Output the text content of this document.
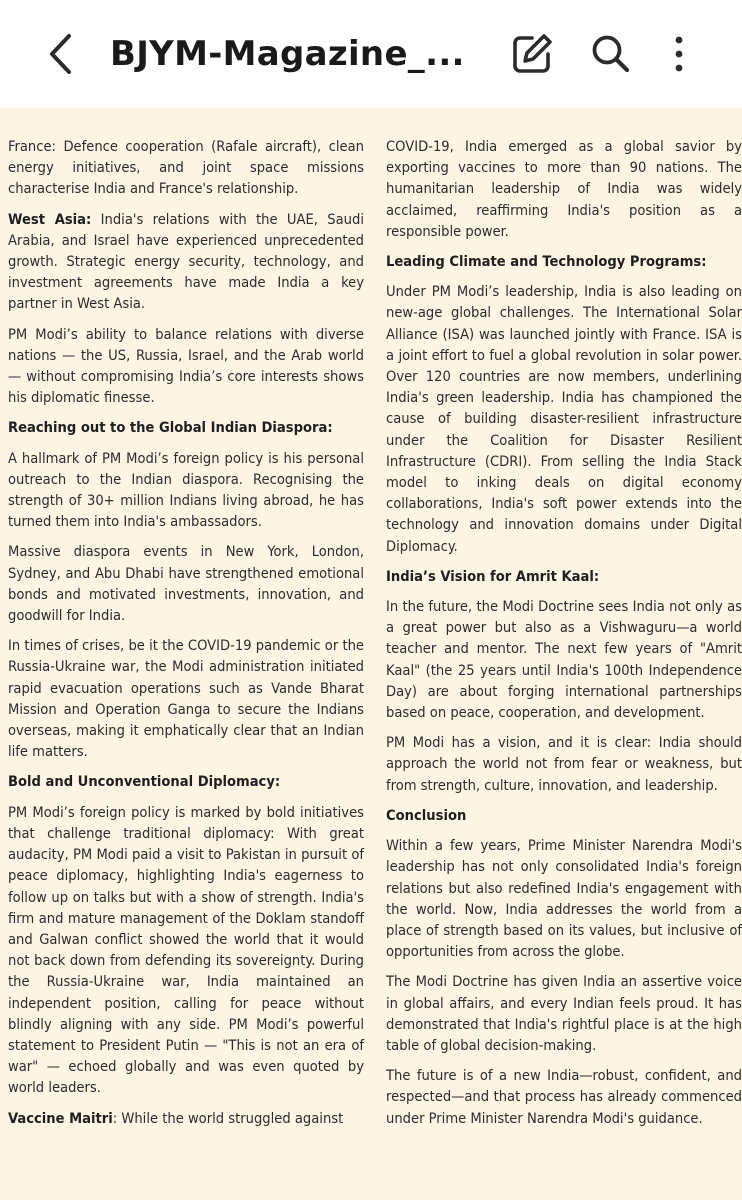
BJYM-Magazine_...

France: Defence cooperation (Rafale aircraft), clean energy initiatives, and joint space missions characterise India and France's relationship.

West Asia: India's relations with the UAE, Saudi Arabia, and Israel have experienced unprecedented growth. Strategic energy security, technology, and investment agreements have made India a key partner in West Asia.

PM Modi’s ability to balance relations with diverse nations — the US, Russia, Israel, and the Arab world — without compromising India’s core interests shows his diplomatic finesse.

Reaching out to the Global Indian Diaspora:

A hallmark of PM Modi’s foreign policy is his personal outreach to the Indian diaspora. Recognising the strength of 30+ million Indians living abroad, he has turned them into India's ambassadors.

Massive diaspora events in New York, London, Sydney, and Abu Dhabi have strengthened emotional bonds and motivated investments, innovation, and goodwill for India.

In times of crises, be it the COVID-19 pandemic or the Russia-Ukraine war, the Modi administration initiated rapid evacuation operations such as Vande Bharat Mission and Operation Ganga to secure the Indians overseas, making it emphatically clear that an Indian life matters.

Bold and Unconventional Diplomacy:

PM Modi’s foreign policy is marked by bold initiatives that challenge traditional diplomacy: With great audacity, PM Modi paid a visit to Pakistan in pursuit of peace diplomacy, highlighting India's eagerness to follow up on talks but with a show of strength. India's firm and mature management of the Doklam standoff and Galwan conflict showed the world that it would not back down from defending its sovereignty. During the Russia-Ukraine war, India maintained an independent position, calling for peace without blindly aligning with any side. PM Modi’s powerful statement to President Putin — "This is not an era of war" — echoed globally and was even quoted by world leaders.

Vaccine Maitri: While the world struggled against

COVID-19, India emerged as a global savior by exporting vaccines to more than 90 nations. The humanitarian leadership of India was widely acclaimed, reaffirming India's position as a responsible power.

Leading Climate and Technology Programs:

Under PM Modi’s leadership, India is also leading on new-age global challenges. The International Solar Alliance (ISA) was launched jointly with France. ISA is a joint effort to fuel a global revolution in solar power. Over 120 countries are now members, underlining India's green leadership. India has championed the cause of building disaster-resilient infrastructure under the Coalition for Disaster Resilient Infrastructure (CDRI). From selling the India Stack model to inking deals on digital economy collaborations, India's soft power extends into the technology and innovation domains under Digital Diplomacy.

India’s Vision for Amrit Kaal:

In the future, the Modi Doctrine sees India not only as a great power but also as a Vishwaguru—a world teacher and mentor. The next few years of "Amrit Kaal" (the 25 years until India's 100th Independence Day) are about forging international partnerships based on peace, cooperation, and development.

PM Modi has a vision, and it is clear: India should approach the world not from fear or weakness, but from strength, culture, innovation, and leadership.

Conclusion

Within a few years, Prime Minister Narendra Modi's leadership has not only consolidated India's foreign relations but also redefined India's engagement with the world. Now, India addresses the world from a place of strength based on its values, but inclusive of opportunities from across the globe.

The Modi Doctrine has given India an assertive voice in global affairs, and every Indian feels proud. It has demonstrated that India's rightful place is at the high table of global decision-making.

The future is of a new India—robust, confident, and respected—and that process has already commenced under Prime Minister Narendra Modi's guidance.
